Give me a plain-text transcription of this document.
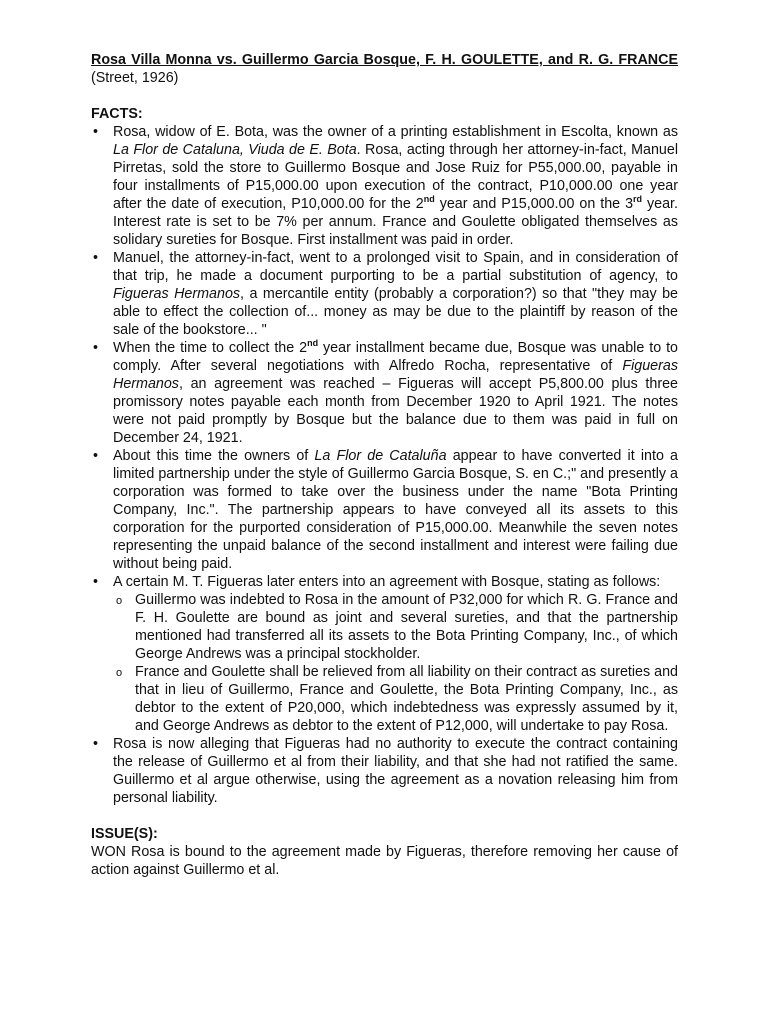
Rosa Villa Monna vs. Guillermo Garcia Bosque, F. H. GOULETTE, and R. G. FRANCE (Street, 1926)

FACTS:

• Rosa, widow of E. Bota, was the owner of a printing establishment in Escolta, known as La Flor de Cataluna, Viuda de E. Bota. Rosa, acting through her attorney-in-fact, Manuel Pirretas, sold the store to Guillermo Bosque and Jose Ruiz for P55,000.00, payable in four installments of P15,000.00 upon execution of the contract, P10,000.00 one year after the date of execution, P10,000.00 for the 2nd year and P15,000.00 on the 3rd year. Interest rate is set to be 7% per annum. France and Goulette obligated themselves as solidary sureties for Bosque. First installment was paid in order.
• Manuel, the attorney-in-fact, went to a prolonged visit to Spain, and in consideration of that trip, he made a document purporting to be a partial substitution of agency, to Figueras Hermanos, a mercantile entity (probably a corporation?) so that "they may be able to effect the collection of... money as may be due to the plaintiff by reason of the sale of the bookstore... "
• When the time to collect the 2nd year installment became due, Bosque was unable to to comply. After several negotiations with Alfredo Rocha, representative of Figueras Hermanos, an agreement was reached – Figueras will accept P5,800.00 plus three promissory notes payable each month from December 1920 to April 1921. The notes were not paid promptly by Bosque but the balance due to them was paid in full on December 24, 1921.
• About this time the owners of La Flor de Cataluña appear to have converted it into a limited partnership under the style of Guillermo Garcia Bosque, S. en C.;" and presently a corporation was formed to take over the business under the name "Bota Printing Company, Inc.". The partnership appears to have conveyed all its assets to this corporation for the purported consideration of P15,000.00. Meanwhile the seven notes representing the unpaid balance of the second installment and interest were failing due without being paid.
• A certain M. T. Figueras later enters into an agreement with Bosque, stating as follows:
o Guillermo was indebted to Rosa in the amount of P32,000 for which R. G. France and F. H. Goulette are bound as joint and several sureties, and that the partnership mentioned had transferred all its assets to the Bota Printing Company, Inc., of which George Andrews was a principal stockholder.
o France and Goulette shall be relieved from all liability on their contract as sureties and that in lieu of Guillermo, France and Goulette, the Bota Printing Company, Inc., as debtor to the extent of P20,000, which indebtedness was expressly assumed by it, and George Andrews as debtor to the extent of P12,000, will undertake to pay Rosa.
• Rosa is now alleging that Figueras had no authority to execute the contract containing the release of Guillermo et al from their liability, and that she had not ratified the same. Guillermo et al argue otherwise, using the agreement as a novation releasing him from personal liability.

ISSUE(S):

WON Rosa is bound to the agreement made by Figueras, therefore removing her cause of action against Guillermo et al.
